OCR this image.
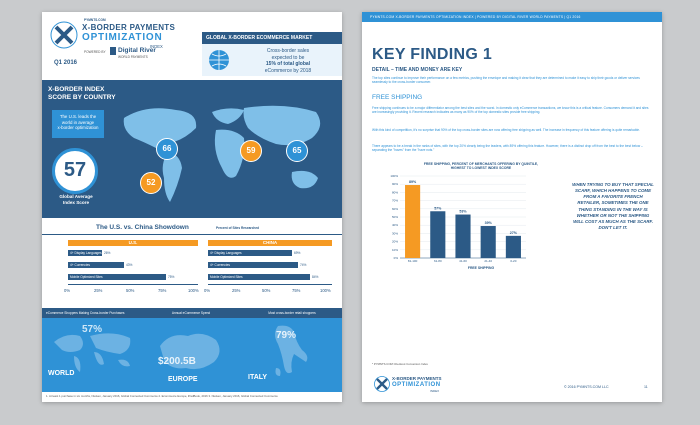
PYMNTS.COM
X-BORDER PAYMENTS
OPTIMIZATION
INDEX
POWERED BY Digital River
WORLD PAYMENTS
Q1 2016
GLOBAL X-BORDER ECOMMERCE MARKET
Cross-border sales
expected to be
15% of total global
eCommerce by 2018
X-BORDER INDEX
SCORE BY COUNTRY
The U.S. leads the
world in average
x-border optimization
57
Global Average
Index Score
66	59	65
52
The U.S. vs. China Showdown	Percent of Sites Researched
U.S.
4+ Display Languages 26%
4+ Currencies	43%
Mobile Optimized Sites	75%
0%	25%	50%	75%	100%
CHINA
4+ Display Languages	69%
4+ Currencies	74%
Mobile Optimized Sites	84%
0%	25%	50%	75%	100%
eCommerce Shoppers Making Cross-border Purchases	Annual eCommerce Spend	Most cross-border retail shoppers
57%
WORLD
$200.5B
EUROPE
79%
ITALY
1. At least 1 purchase in six months, Nielsen, January 2016, Global Connected Commerce 2. Ecommerce Europe, iPadBook, 2016 3. Nielsen, January 2016, Global Connected Commerce
PYMNTS.COM X-BORDER PAYMENTS OPTIMIZATION INDEX | POWERED BY DIGITAL RIVER WORLD PAYMENTS | Q1 2016
KEY FINDING 1
DETAIL – TIME AND MONEY ARE KEY
The top sites continue to improve their performance on a few metrics, pushing the envelope and making it clear that they are determined to make it easy to ship their goods or deliver services seamlessly to the cross-border consumer.
FREE SHIPPING
Free shipping continues to be a major differentiator among the best sites and the worst. In domestic only eCommerce transactions, we know this is a critical feature. Consumers demand it and sites are increasingly providing it. Recent research indicates as many as 90% of the top domestic sites provide free shipping.
With this kind of competition, it's no surprise that 90% of the top cross-border sites are now offering free shipping as well. The increase in frequency of this feature offering is quite remarkable.
There appears to be a break in the ranks of sites, with the top 20% clearly being the leaders, with 89% offering this feature. However, there is a distinct drop off from the best to the best below – separating the "haves" from the "have nots."
FREE SHIPPING, PERCENT OF MERCHANTS OFFERING BY QUINTILE,
HIGHEST TO LOWEST INDEX SCORE
100%
90%
80%
70%
60%
50%
40%
30%
20%
10%
0%
89%
81-100
57%
61-80
53%
41-60
39%
21-40
27%
0-20
FREE SHIPPING
WHEN TRYING TO BUY THAT SPECIAL SCARF, WHICH HAPPENS TO COME FROM A FAVORITE FRENCH RETAILER, SOMETIMES THE ONE THING STANDING IN THE WAY IS WHETHER OR NOT THE SHIPPING WILL COST AS MUCH AS THE SCARF. DON'T LET IT.
* PYMNTS.COM Checkout Conversion Index
X-BORDER PAYMENTS
OPTIMIZATION
INDEX
© 2016 PYMNTS.COM LLC	11
